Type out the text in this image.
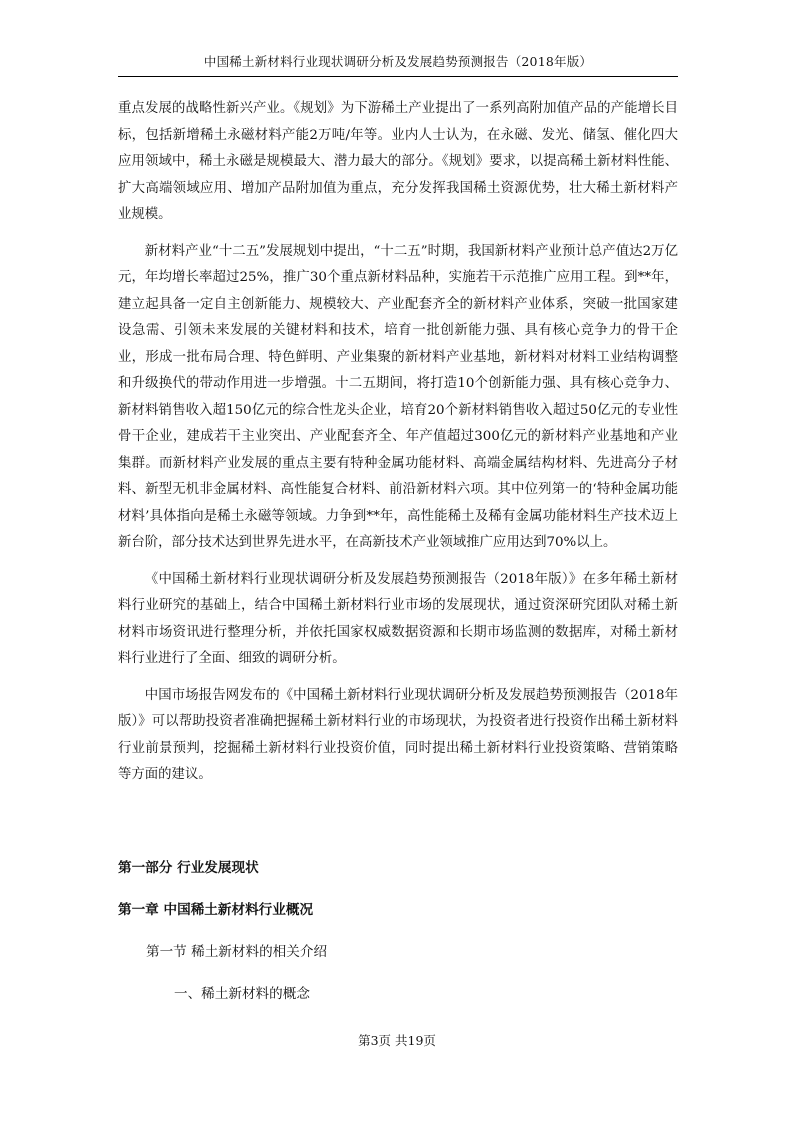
中国稀土新材料行业现状调研分析及发展趋势预测报告（2018年版）

重点发展的战略性新兴产业。《规划》为下游稀土产业提出了一系列高附加值产品的产能增长目标，包括新增稀土永磁材料产能2万吨/年等。业内人士认为，在永磁、发光、储氢、催化四大应用领域中，稀土永磁是规模最大、潜力最大的部分。《规划》要求，以提高稀土新材料性能、扩大高端领域应用、增加产品附加值为重点，充分发挥我国稀土资源优势，壮大稀土新材料产业规模。

新材料产业“十二五”发展规划中提出，“十二五”时期，我国新材料产业预计总产值达2万亿元，年均增长率超过25%，推广30个重点新材料品种，实施若干示范推广应用工程。到**年，建立起具备一定自主创新能力、规模较大、产业配套齐全的新材料产业体系，突破一批国家建设急需、引领未来发展的关键材料和技术，培育一批创新能力强、具有核心竞争力的骨干企业，形成一批布局合理、特色鲜明、产业集聚的新材料产业基地，新材料对材料工业结构调整和升级换代的带动作用进一步增强。十二五期间，将打造10个创新能力强、具有核心竞争力、新材料销售收入超150亿元的综合性龙头企业，培育20个新材料销售收入超过50亿元的专业性骨干企业，建成若干主业突出、产业配套齐全、年产值超过300亿元的新材料产业基地和产业集群。而新材料产业发展的重点主要有特种金属功能材料、高端金属结构材料、先进高分子材料、新型无机非金属材料、高性能复合材料、前沿新材料六项。其中位列第一的‘特种金属功能材料’具体指向是稀土永磁等领域。力争到**年，高性能稀土及稀有金属功能材料生产技术迈上新台阶，部分技术达到世界先进水平，在高新技术产业领域推广应用达到70%以上。

《中国稀土新材料行业现状调研分析及发展趋势预测报告（2018年版）》在多年稀土新材料行业研究的基础上，结合中国稀土新材料行业市场的发展现状，通过资深研究团队对稀土新材料市场资讯进行整理分析，并依托国家权威数据资源和长期市场监测的数据库，对稀土新材料行业进行了全面、细致的调研分析。

中国市场报告网发布的《中国稀土新材料行业现状调研分析及发展趋势预测报告（2018年版）》可以帮助投资者准确把握稀土新材料行业的市场现状，为投资者进行投资作出稀土新材料行业前景预判，挖掘稀土新材料行业投资价值，同时提出稀土新材料行业投资策略、营销策略等方面的建议。

第一部分 行业发展现状
第一章 中国稀土新材料行业概况
第一节 稀土新材料的相关介绍
一、稀土新材料的概念
第3页 共19页
